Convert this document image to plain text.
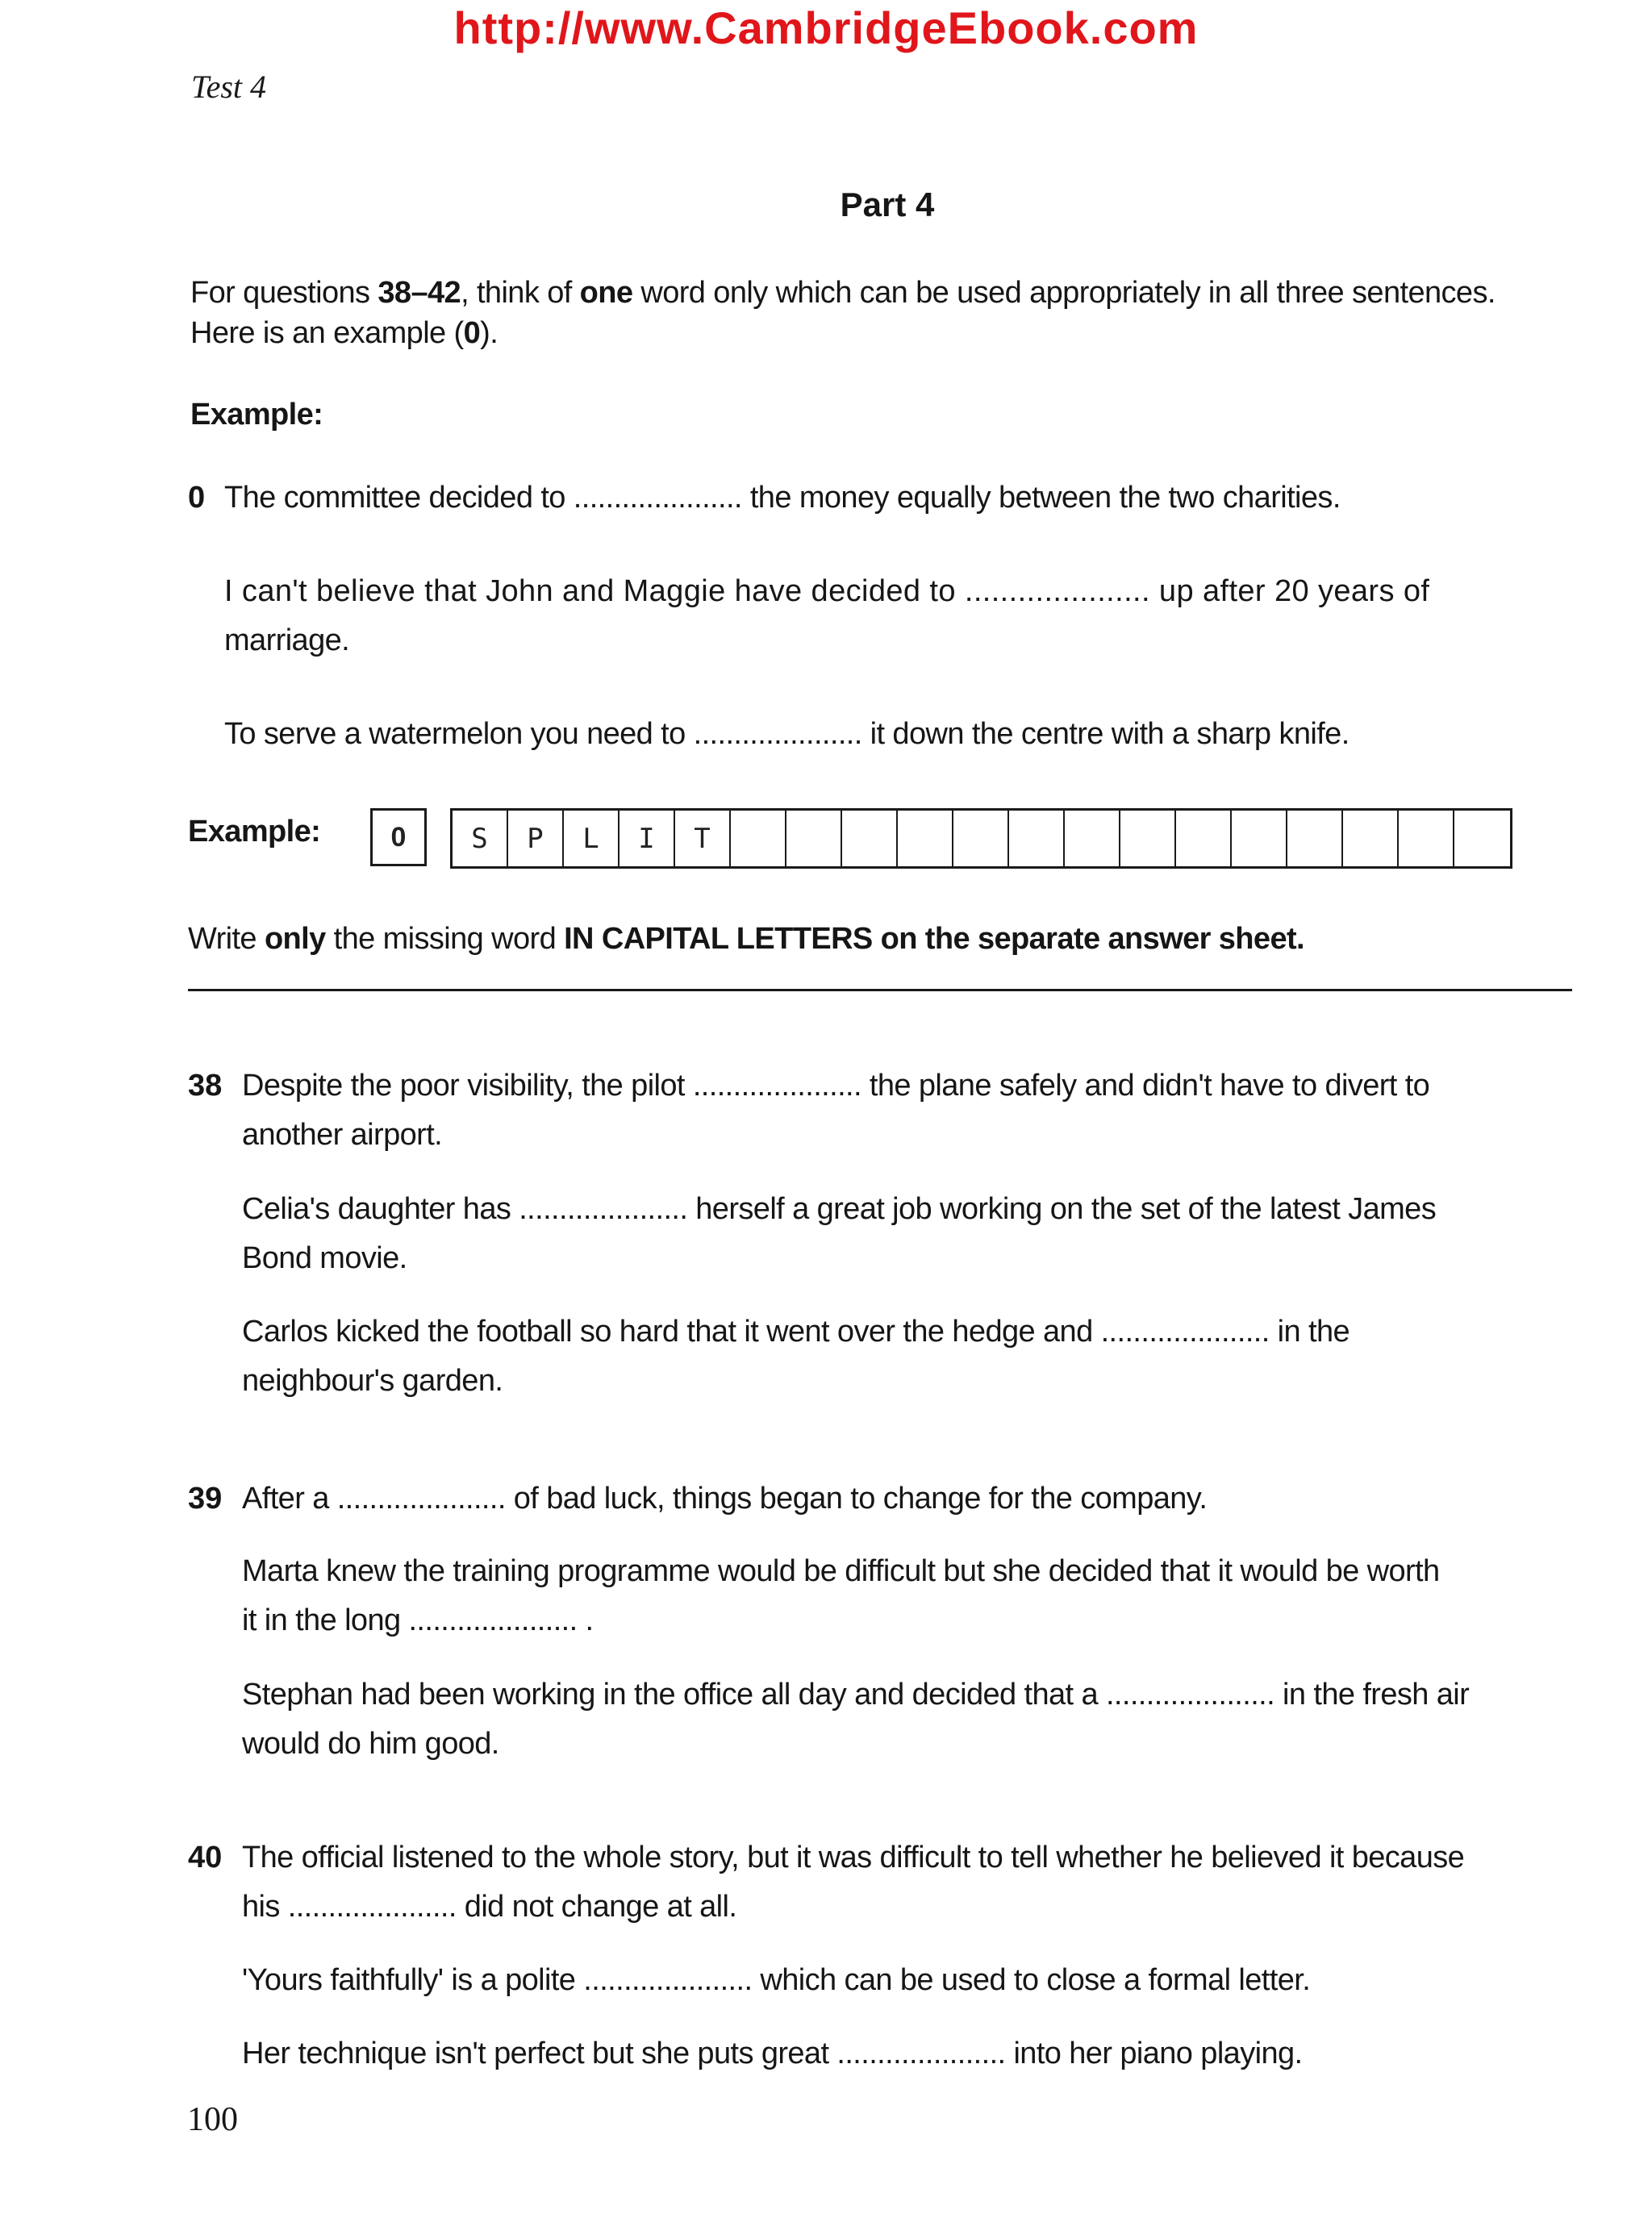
http://www.CambridgeEbook.com
Test 4
Part 4
For questions 38–42, think of one word only which can be used appropriately in all three sentences.
Here is an example (0).
Example:
0 The committee decided to ..................... the money equally between the two charities.
I can't believe that John and Maggie have decided to ..................... up after 20 years of
marriage.
To serve a watermelon you need to ..................... it down the centre with a sharp knife.
Example:	0	S	P	L	I	T
Write only the missing word IN CAPITAL LETTERS on the separate answer sheet.
38 Despite the poor visibility, the pilot ..................... the plane safely and didn't have to divert to
another airport.
Celia's daughter has ..................... herself a great job working on the set of the latest James
Bond movie.
Carlos kicked the football so hard that it went over the hedge and ..................... in the
neighbour's garden.
39 After a ..................... of bad luck, things began to change for the company.
Marta knew the training programme would be difficult but she decided that it would be worth
it in the long ..................... .
Stephan had been working in the office all day and decided that a ..................... in the fresh air
would do him good.
40 The official listened to the whole story, but it was difficult to tell whether he believed it because
his ..................... did not change at all.
'Yours faithfully' is a polite ..................... which can be used to close a formal letter.
Her technique isn't perfect but she puts great ..................... into her piano playing.
100
